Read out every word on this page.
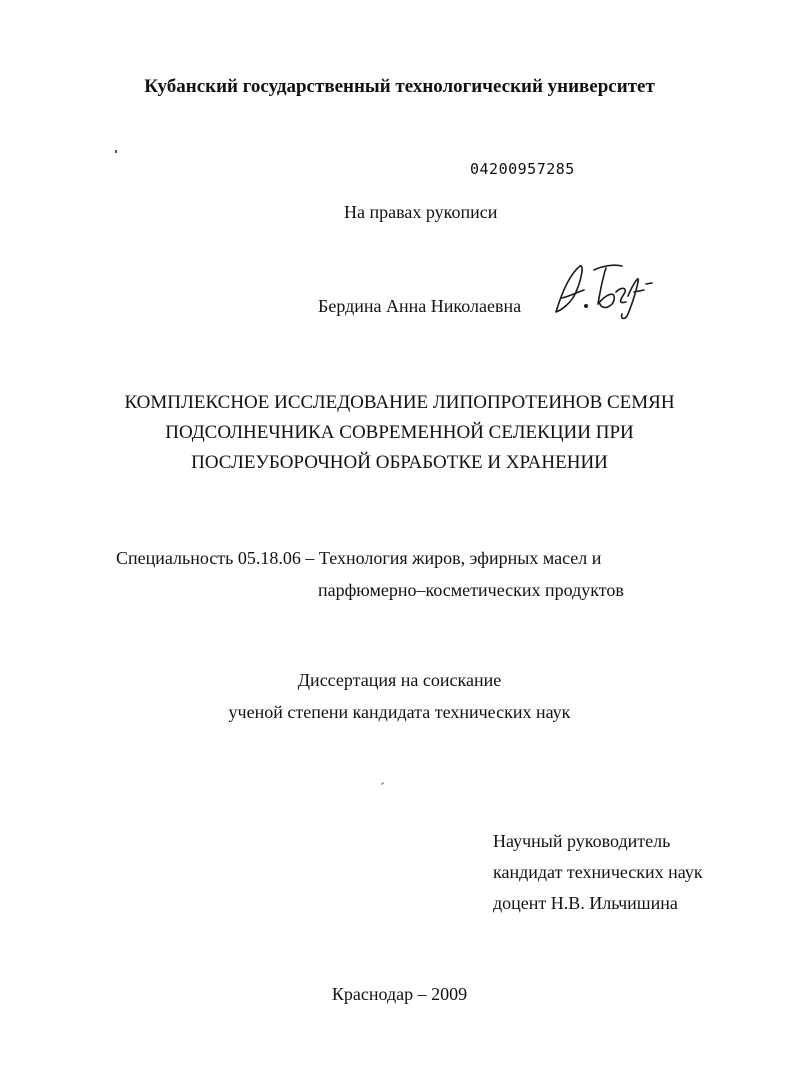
Кубанский государственный технологический университет
04200957285
На правах рукописи
Бердина Анна Николаевна
КОМПЛЕКСНОЕ ИССЛЕДОВАНИЕ ЛИПОПРОТЕИНОВ СЕМЯН
ПОДСОЛНЕЧНИКА СОВРЕМЕННОЙ СЕЛЕКЦИИ ПРИ
ПОСЛЕУБОРОЧНОЙ ОБРАБОТКЕ И ХРАНЕНИИ
Специальность 05.18.06 – Технология жиров, эфирных масел и
парфюмерно–косметических продуктов
Диссертация на соискание
ученой степени кандидата технических наук
Научный руководитель
кандидат технических наук
доцент Н.В. Ильчишина
Краснодар – 2009
